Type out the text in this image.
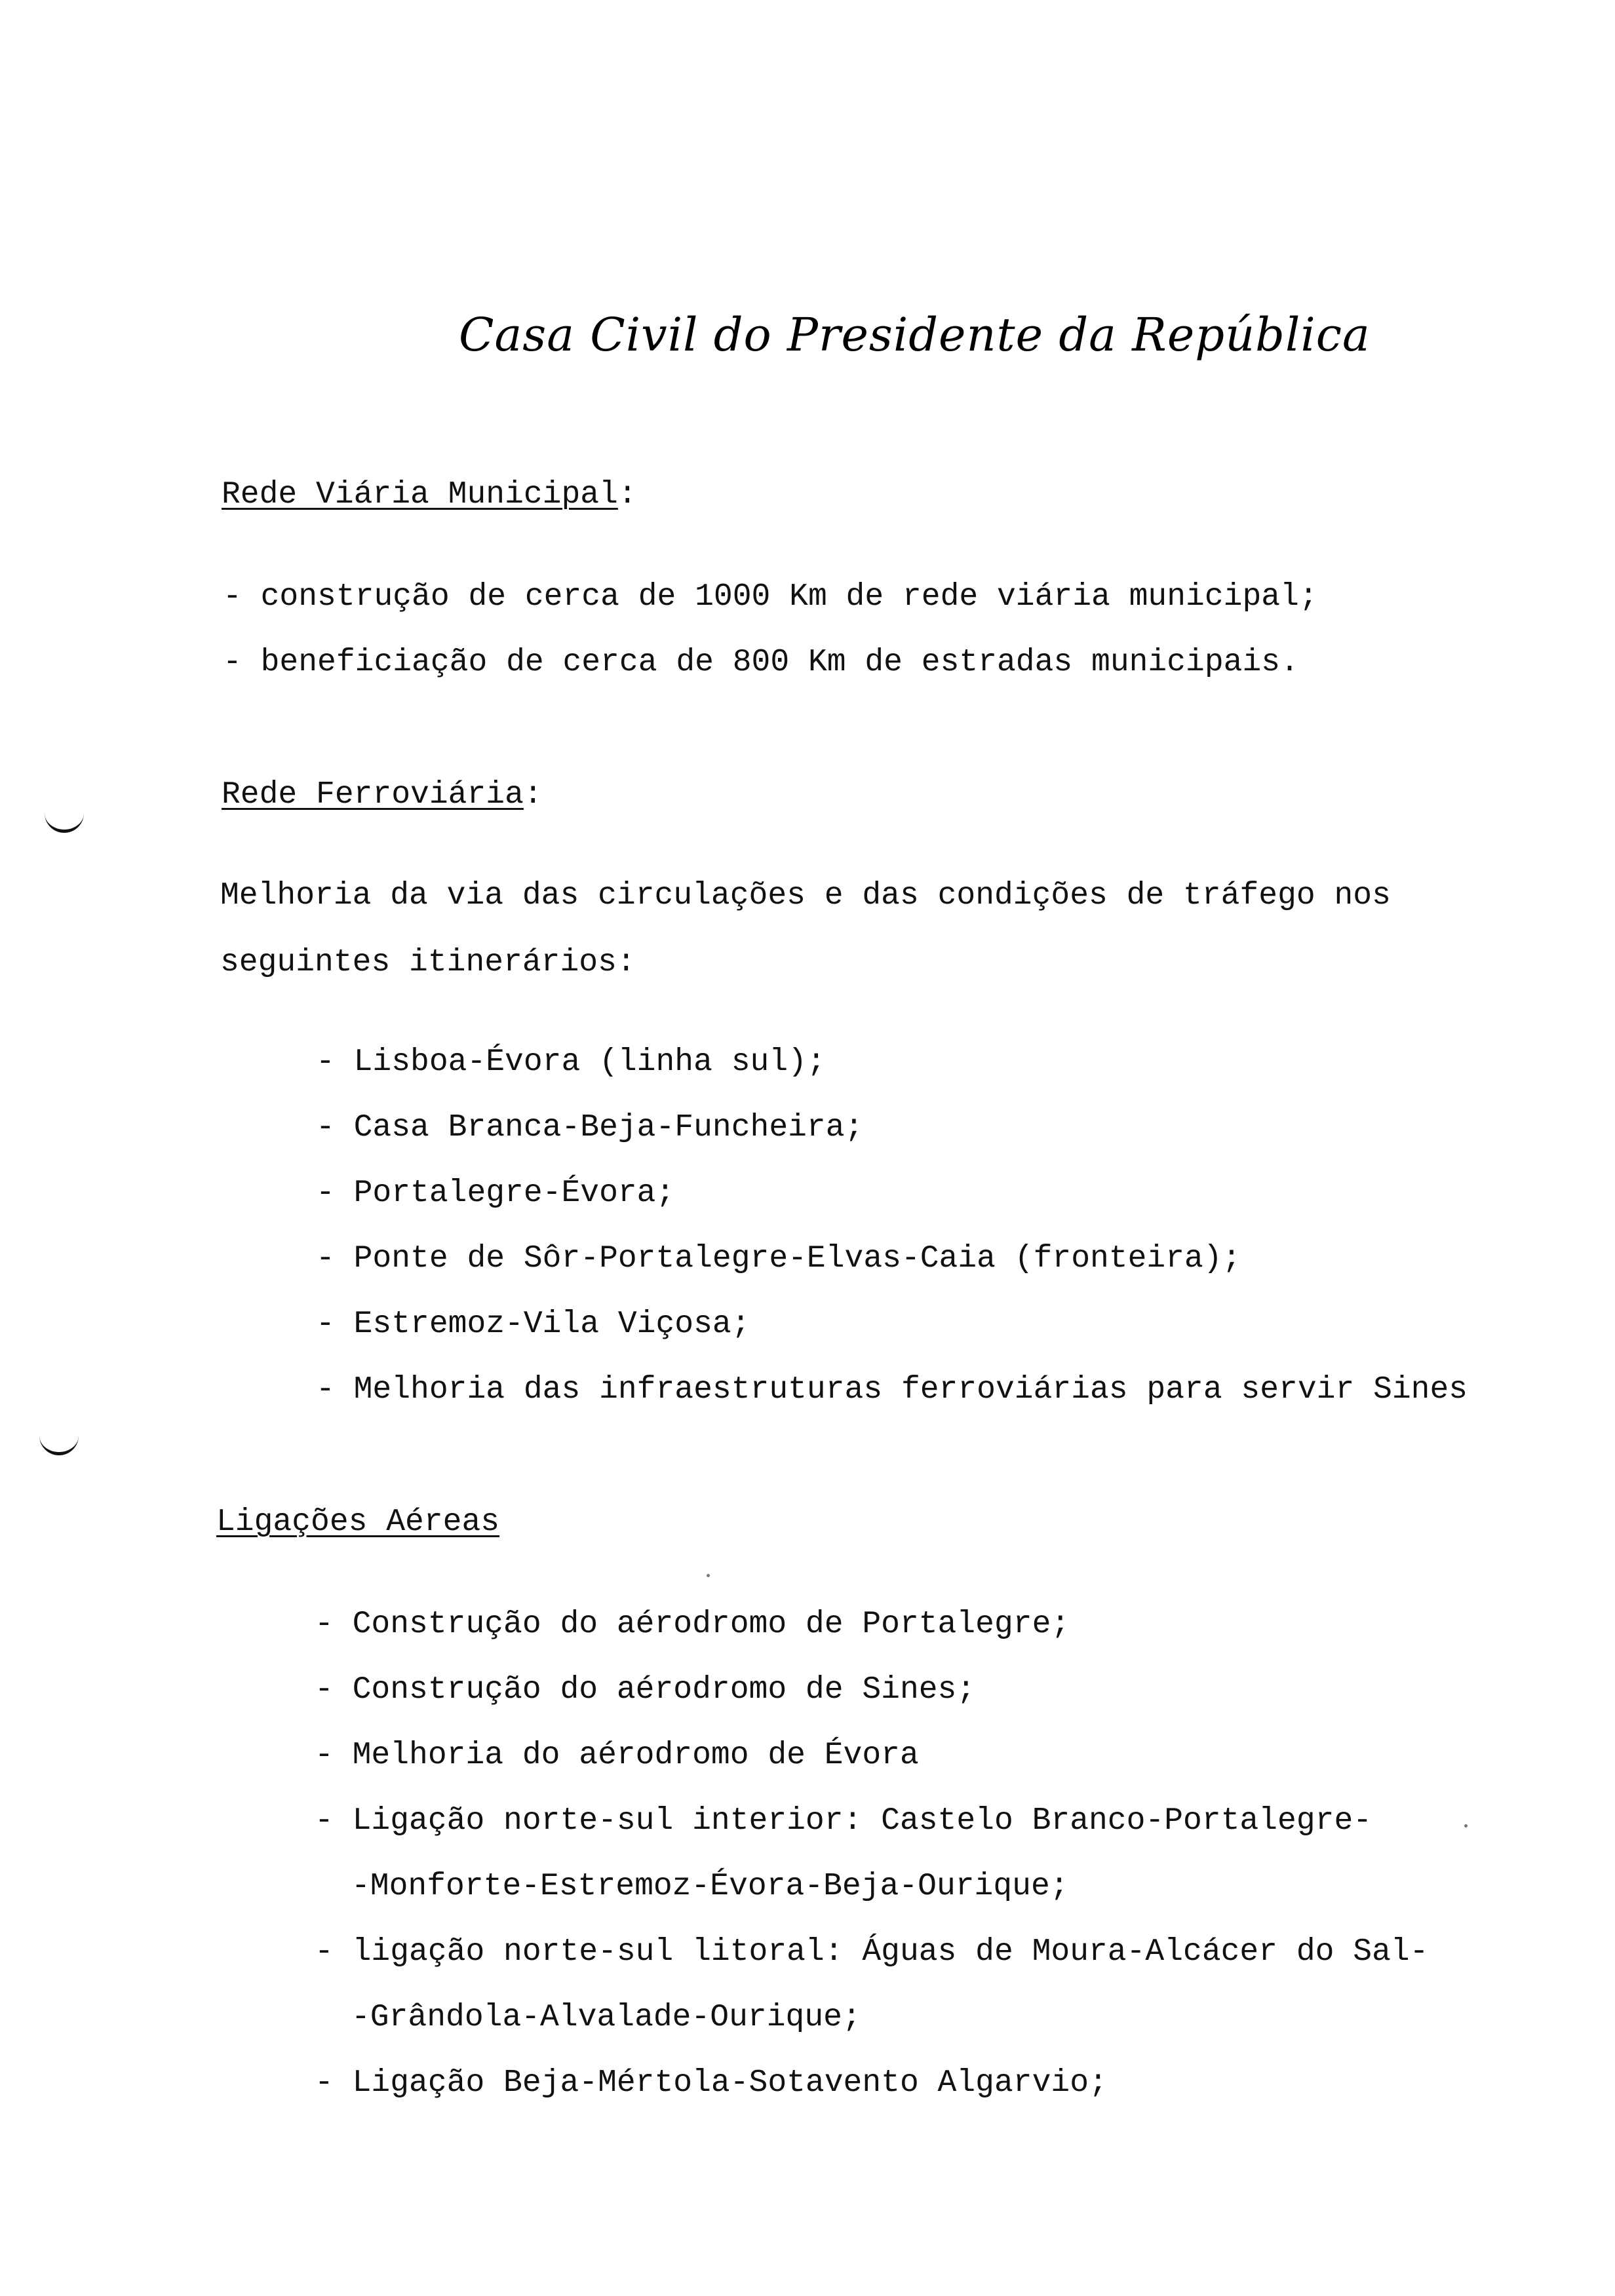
Casa Civil do Presidente da República
Rede Viária Municipal:
- construção de cerca de 1000 Km de rede viária municipal;
- beneficiação de cerca de 800 Km de estradas municipais.
Rede Ferroviária:
Melhoria da via das circulações e das condições de tráfego nos
seguintes itinerários:
- Lisboa-Évora (linha sul);
- Casa Branca-Beja-Funcheira;
- Portalegre-Évora;
- Ponte de Sôr-Portalegre-Elvas-Caia (fronteira);
- Estremoz-Vila Viçosa;
- Melhoria das infraestruturas ferroviárias para servir Sines
Ligações Aéreas
- Construção do aérodromo de Portalegre;
- Construção do aérodromo de Sines;
- Melhoria do aérodromo de Évora
- Ligação norte-sul interior: Castelo Branco-Portalegre-
-Monforte-Estremoz-Évora-Beja-Ourique;
- ligação norte-sul litoral: Águas de Moura-Alcácer do Sal-
-Grândola-Alvalade-Ourique;
- Ligação Beja-Mértola-Sotavento Algarvio;
